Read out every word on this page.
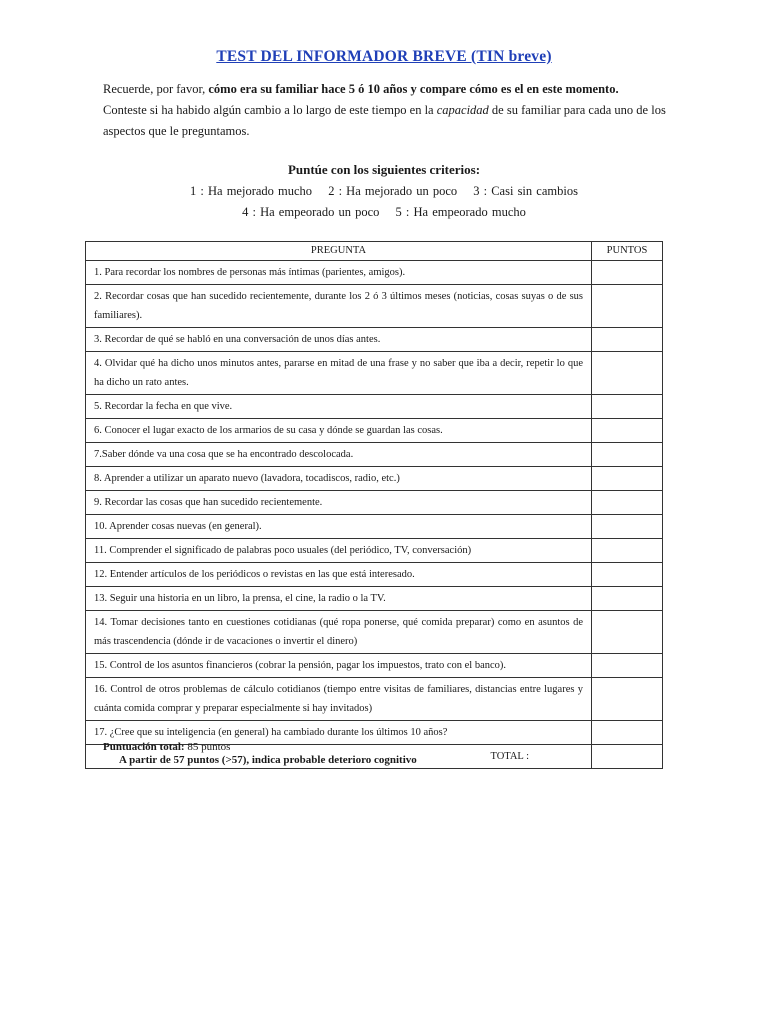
TEST DEL INFORMADOR BREVE (TIN breve)
Recuerde, por favor, cómo era su familiar hace 5 ó 10 años y compare cómo es el en este momento.
Conteste si ha habido algún cambio a lo largo de este tiempo en la capacidad de su familiar para cada uno de los aspectos que le preguntamos.
Puntúe con los siguientes criterios:
1 : Ha mejorado mucho 2 : Ha mejorado un poco 3 : Casi sin cambios
4 : Ha empeorado un poco 5 : Ha empeorado mucho
PREGUNTA	PUNTOS
1. Para recordar los nombres de personas más íntimas (parientes, amigos).	
2. Recordar cosas que han sucedido recientemente, durante los 2 ó 3 últimos meses (noticias, cosas suyas o de sus familiares).	
3. Recordar de qué se habló en una conversación de unos días antes.	
4. Olvidar qué ha dicho unos minutos antes, pararse en mitad de una frase y no saber que iba a decir, repetir lo que ha dicho un rato antes.	
5. Recordar la fecha en que vive.	
6. Conocer el lugar exacto de los armarios de su casa y dónde se guardan las cosas.	
7.Saber dónde va una cosa que se ha encontrado descolocada.	
8. Aprender a utilizar un aparato nuevo (lavadora, tocadiscos, radio, etc.)	
9. Recordar las cosas que han sucedido recientemente.	
10. Aprender cosas nuevas (en general).	
11. Comprender el significado de palabras poco usuales (del periódico, TV, conversación)	
12. Entender artículos de los periódicos o revistas en las que está interesado.	
13. Seguir una historia en un libro, la prensa, el cine, la radio o la TV.	
14. Tomar decisiones tanto en cuestiones cotidianas (qué ropa ponerse, qué comida preparar) como en asuntos de más trascendencia (dónde ir de vacaciones o invertir el dinero)	
15. Control de los asuntos financieros (cobrar la pensión, pagar los impuestos, trato con el banco).	
16. Control de otros problemas de cálculo cotidianos (tiempo entre visitas de familiares, distancias entre lugares y cuánta comida comprar y preparar especialmente si hay invitados)	
17. ¿Cree que su inteligencia (en general) ha cambiado durante los últimos 10 años?	
TOTAL :	
Puntuación total: 85 puntos
A partir de 57 puntos (>57), indica probable deterioro cognitivo
